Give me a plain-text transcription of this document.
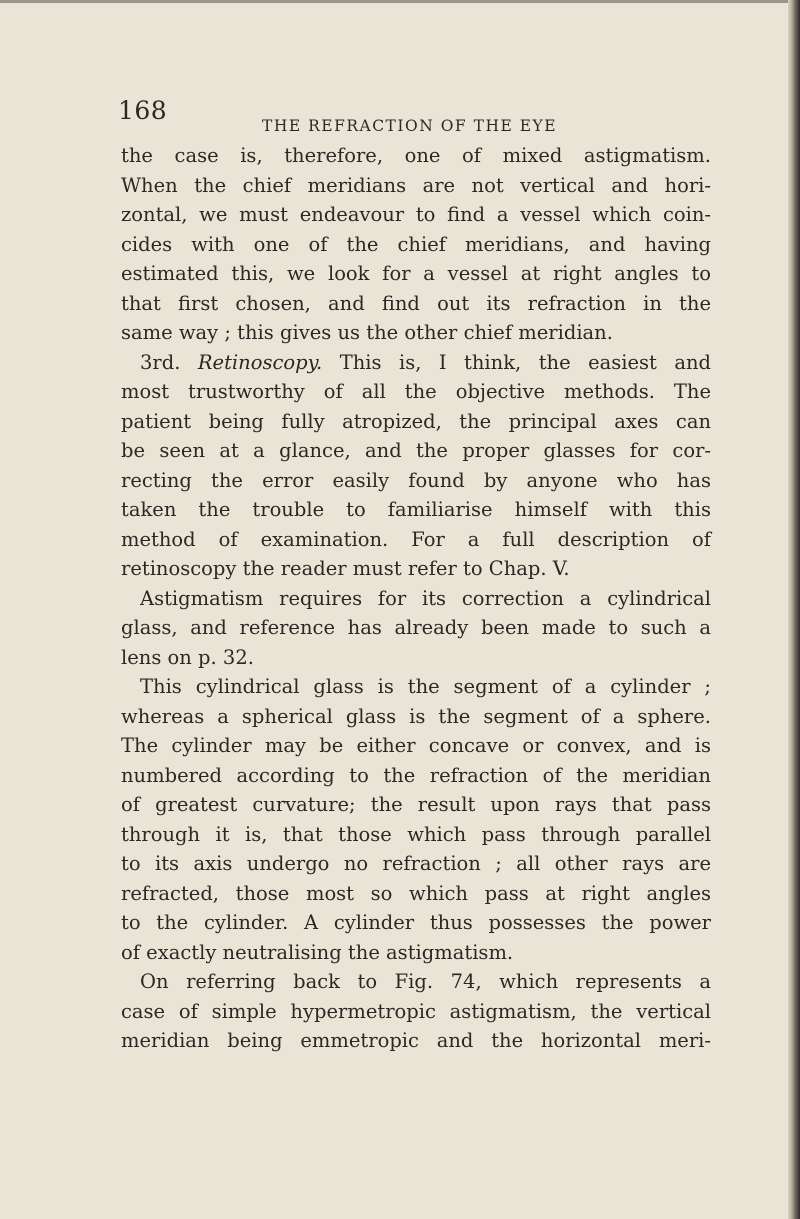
168
THE REFRACTION OF THE EYE
the case is, therefore, one of mixed astigmatism.
When the chief meridians are not vertical and hori-
zontal, we must endeavour to find a vessel which coin-
cides with one of the chief meridians, and having
estimated this, we look for a vessel at right angles to
that first chosen, and find out its refraction in the
same way ; this gives us the other chief meridian.
3rd. Retinoscopy. This is, I think, the easiest and
most trustworthy of all the objective methods. The
patient being fully atropized, the principal axes can
be seen at a glance, and the proper glasses for cor-
recting the error easily found by anyone who has
taken the trouble to familiarise himself with this
method of examination. For a full description of
retinoscopy the reader must refer to Chap. V.
Astigmatism requires for its correction a cylindrical
glass, and reference has already been made to such a
lens on p. 32.
This cylindrical glass is the segment of a cylinder ;
whereas a spherical glass is the segment of a sphere.
The cylinder may be either concave or convex, and is
numbered according to the refraction of the meridian
of greatest curvature; the result upon rays that pass
through it is, that those which pass through parallel
to its axis undergo no refraction ; all other rays are
refracted, those most so which pass at right angles
to the cylinder. A cylinder thus possesses the power
of exactly neutralising the astigmatism.
On referring back to Fig. 74, which represents a
case of simple hypermetropic astigmatism, the vertical
meridian being emmetropic and the horizontal meri-
